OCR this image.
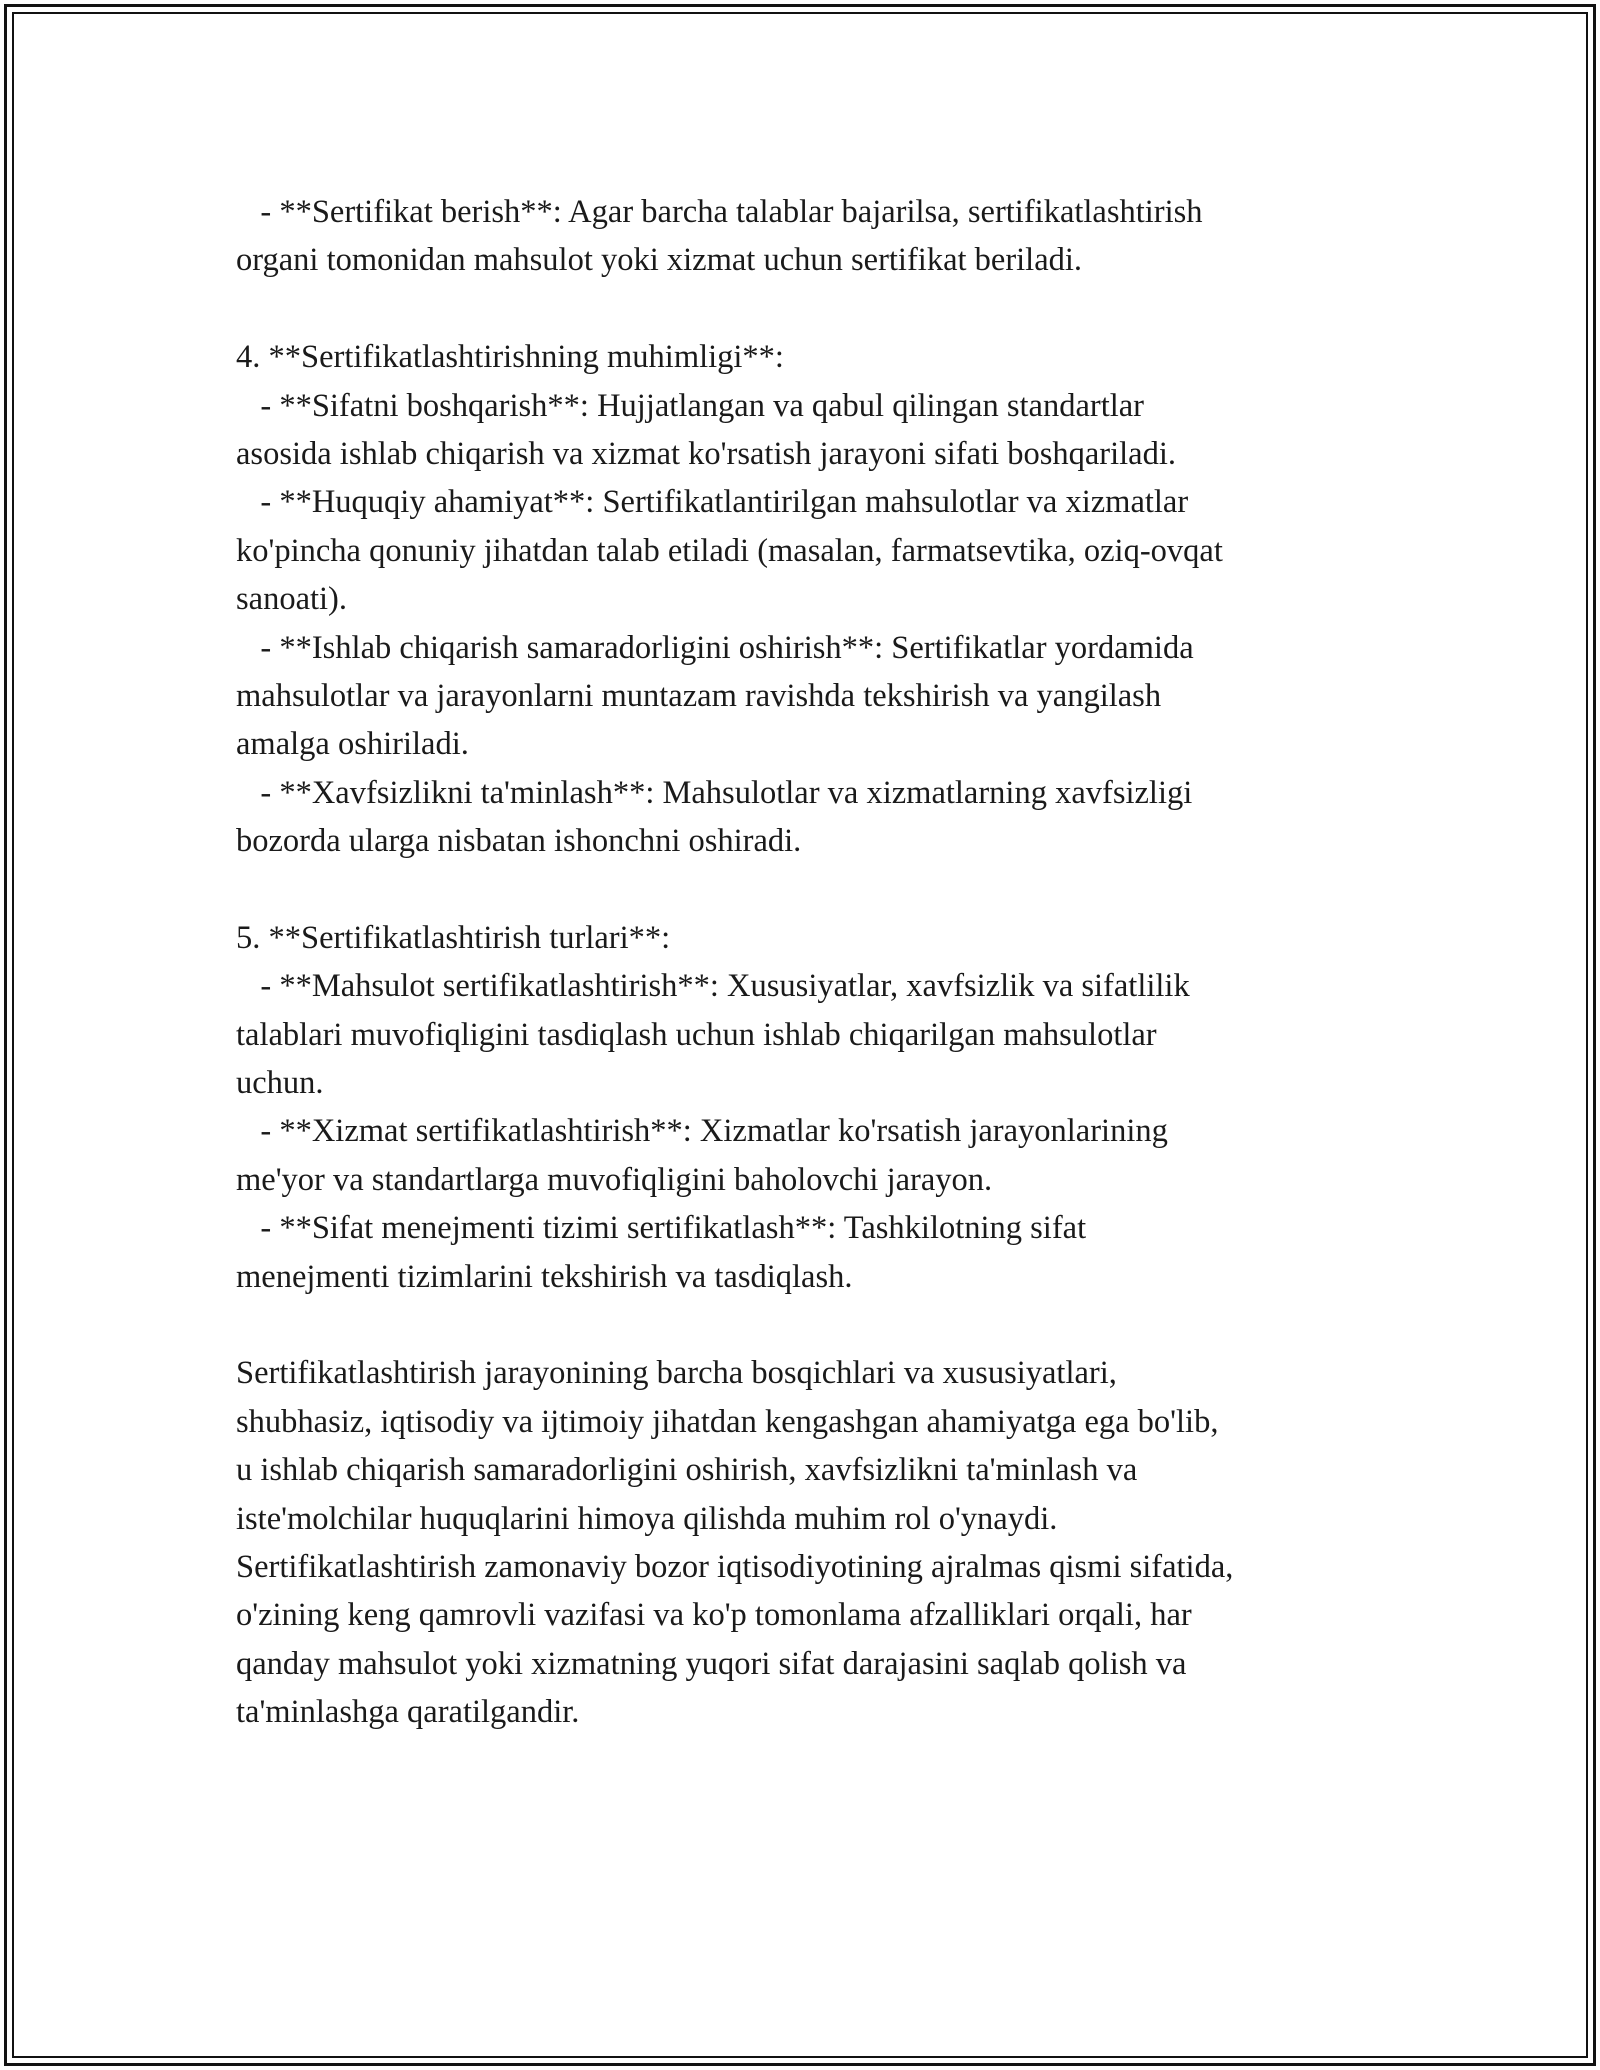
- **Sertifikat berish**: Agar barcha talablar bajarilsa, sertifikatlashtirish
organi tomonidan mahsulot yoki xizmat uchun sertifikat beriladi.
4. **Sertifikatlashtirishning muhimligi**:
- **Sifatni boshqarish**: Hujjatlangan va qabul qilingan standartlar
asosida ishlab chiqarish va xizmat ko'rsatish jarayoni sifati boshqariladi.
- **Huquqiy ahamiyat**: Sertifikatlantirilgan mahsulotlar va xizmatlar
ko'pincha qonuniy jihatdan talab etiladi (masalan, farmatsevtika, oziq-ovqat
sanoati).
- **Ishlab chiqarish samaradorligini oshirish**: Sertifikatlar yordamida
mahsulotlar va jarayonlarni muntazam ravishda tekshirish va yangilash
amalga oshiriladi.
- **Xavfsizlikni ta'minlash**: Mahsulotlar va xizmatlarning xavfsizligi
bozorda ularga nisbatan ishonchni oshiradi.
5. **Sertifikatlashtirish turlari**:
- **Mahsulot sertifikatlashtirish**: Xususiyatlar, xavfsizlik va sifatlilik
talablari muvofiqligini tasdiqlash uchun ishlab chiqarilgan mahsulotlar
uchun.
- **Xizmat sertifikatlashtirish**: Xizmatlar ko'rsatish jarayonlarining
me'yor va standartlarga muvofiqligini baholovchi jarayon.
- **Sifat menejmenti tizimi sertifikatlash**: Tashkilotning sifat
menejmenti tizimlarini tekshirish va tasdiqlash.
Sertifikatlashtirish jarayonining barcha bosqichlari va xususiyatlari,
shubhasiz, iqtisodiy va ijtimoiy jihatdan kengashgan ahamiyatga ega bo'lib,
u ishlab chiqarish samaradorligini oshirish, xavfsizlikni ta'minlash va
iste'molchilar huquqlarini himoya qilishda muhim rol o'ynaydi.
Sertifikatlashtirish zamonaviy bozor iqtisodiyotining ajralmas qismi sifatida,
o'zining keng qamrovli vazifasi va ko'p tomonlama afzalliklari orqali, har
qanday mahsulot yoki xizmatning yuqori sifat darajasini saqlab qolish va
ta'minlashga qaratilgandir.
